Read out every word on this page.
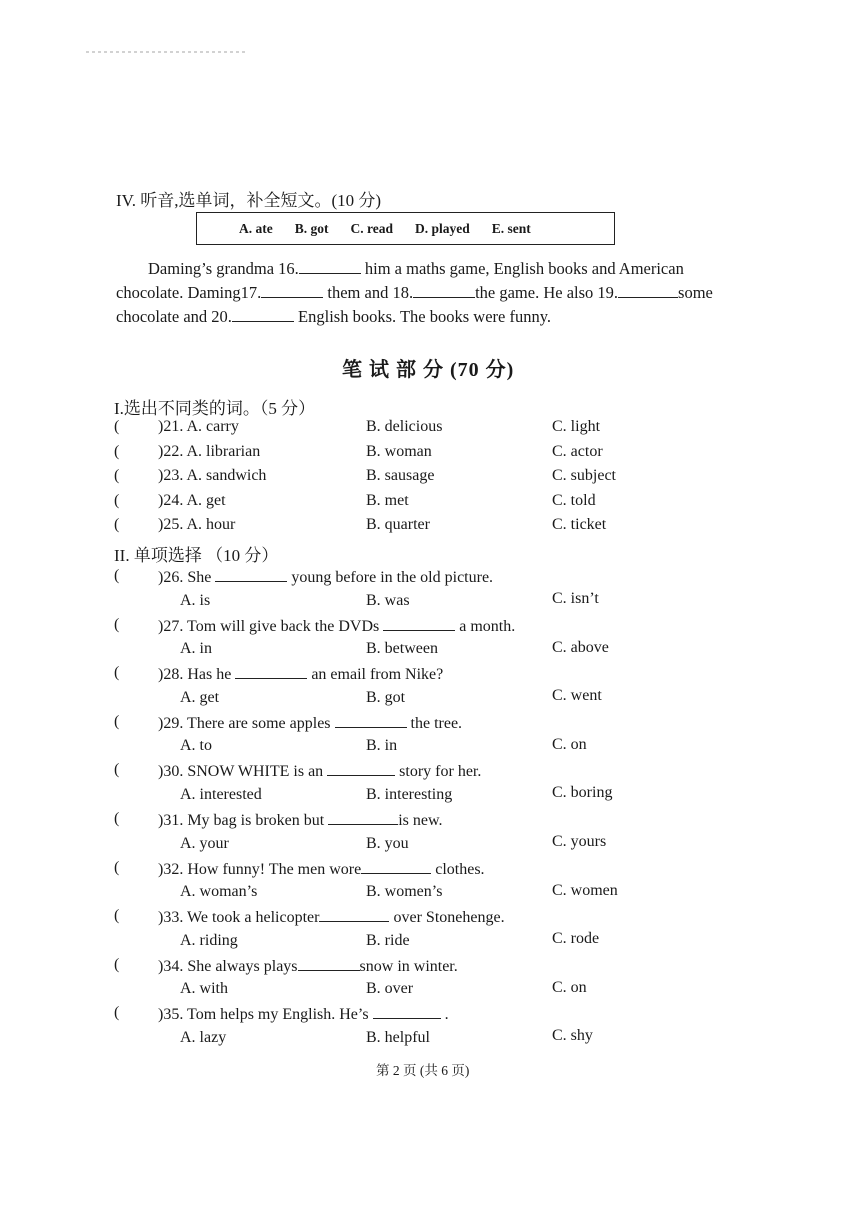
IV. 听音,选单词，补全短文。(10 分)
A. ate B. got C. read D. played E. sent
Daming’s grandma 16.	him a maths game, English books and American
chocolate. Daming17.	them and 18.	the game. He also 19.	some
chocolate and 20.	English books. The books were funny.
笔 试 部 分 (70 分)
I.选出不同类的词。（5 分）
( )21. A. carry	B. delicious	C. light
( )22. A. librarian	B. woman	C. actor
( )23. A. sandwich	B. sausage	C. subject
( )24. A. get	B. met	C. told
( )25. A. hour	B. quarter	C. ticket
II. 单项选择 （10 分）
( )26. She	young before in the old picture.
A. is	B. was	C. isn’t
( )27. Tom will give back the DVDs	a month.
A. in	B. between	C. above
( )28. Has he	an email from Nike?
A. get	B. got	C. went
( )29. There are some apples	the tree.
A. to	B. in	C. on
( )30. SNOW WHITE is an	story for her.
A. interested	B. interesting	C. boring
( )31. My bag is broken but	is new.
A. your	B. you	C. yours
( )32. How funny! The men wore	clothes.
A. woman’s	B. women’s	C. women
( )33. We took a helicopter	over Stonehenge.
A. riding	B. ride	C. rode
( )34. She always plays	snow in winter.
A. with	B. over	C. on
( )35. Tom helps my English. He’s	.
A. lazy	B. helpful	C. shy
第 2 页 (共 6 页)
